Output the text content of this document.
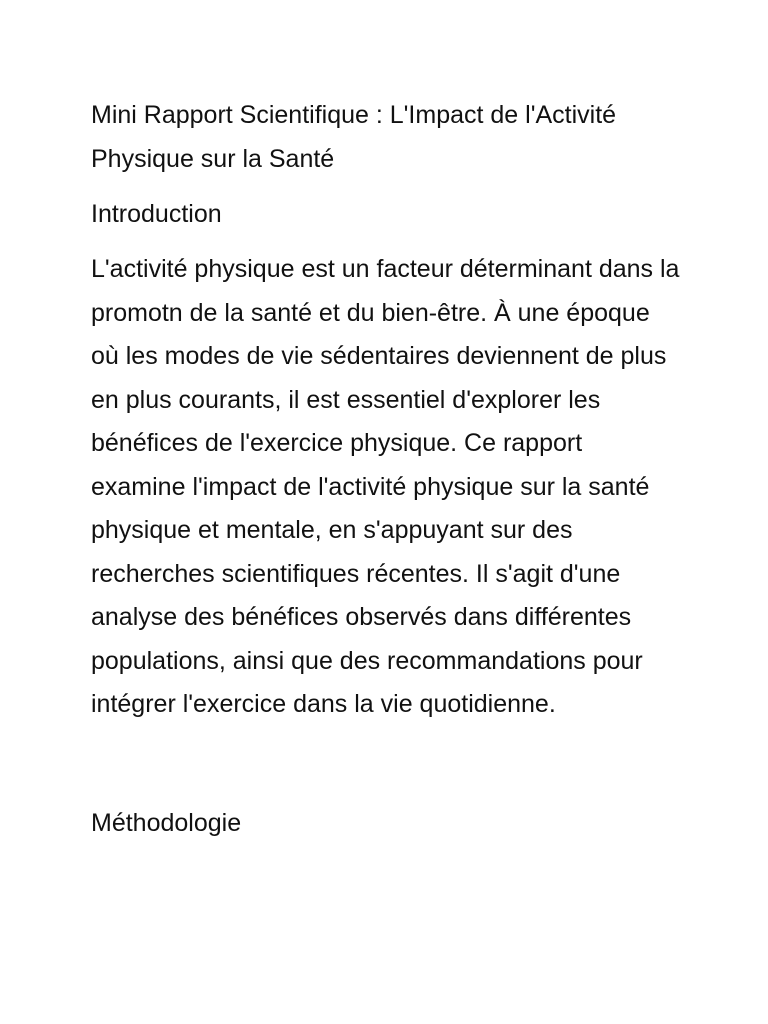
Mini Rapport Scientifique : L'Impact de l'Activité Physique sur la Santé
Introduction

L'activité physique est un facteur déterminant dans la promotn de la santé et du bien-être. À une époque où les modes de vie sédentaires deviennent de plus en plus courants, il est essentiel d'explorer les bénéfices de l'exercice physique. Ce rapport examine l'impact de l'activité physique sur la santé physique et mentale, en s'appuyant sur des recherches scientifiques récentes. Il s'agit d'une analyse des bénéfices observés dans différentes populations, ainsi que des recommandations pour intégrer l'exercice dans la vie quotidienne.

Méthodologie
